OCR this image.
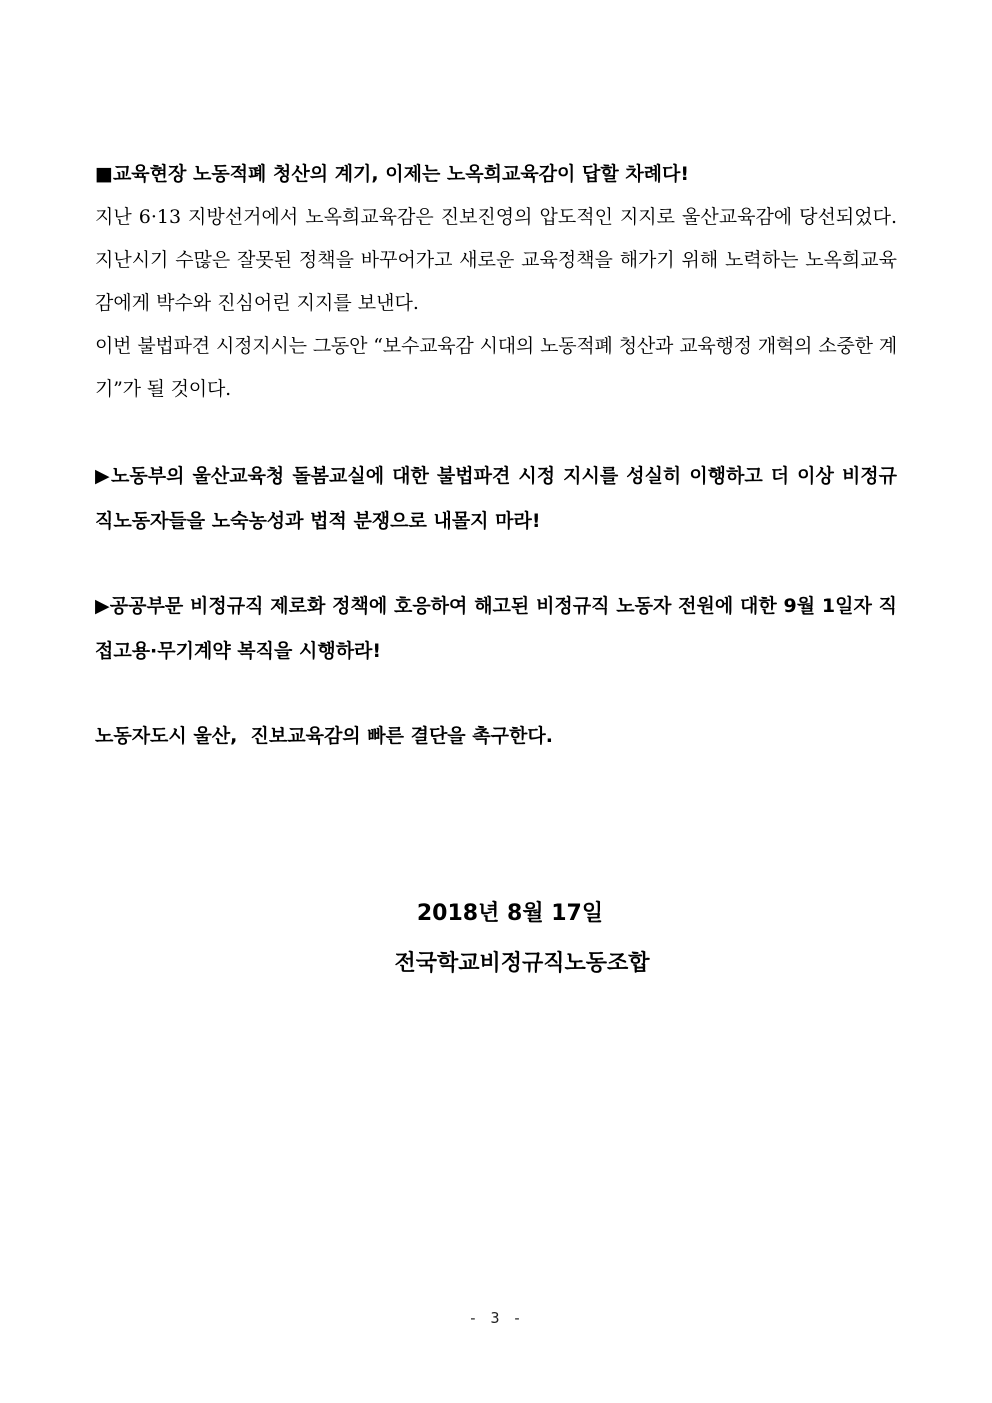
■교육현장 노동적폐 청산의 계기, 이제는 노옥희교육감이 답할 차례다!
지난 6·13 지방선거에서 노옥희교육감은 진보진영의 압도적인 지지로 울산교육감에 당선되었다. 지난시기 수많은 잘못된 정책을 바꾸어가고 새로운 교육정책을 해가기 위해 노력하는 노옥희교육감에게 박수와 진심어린 지지를 보낸다.
이번 불법파견 시정지시는 그동안 “보수교육감 시대의 노동적폐 청산과 교육행정 개혁의 소중한 계기”가 될 것이다.
▶노동부의 울산교육청 돌봄교실에 대한 불법파견 시정 지시를 성실히 이행하고 더 이상 비정규직노동자들을 노숙농성과 법적 분쟁으로 내몰지 마라!
▶공공부문 비정규직 제로화 정책에 호응하여 해고된 비정규직 노동자 전원에 대한 9월 1일자 직접고용·무기계약 복직을 시행하라!
노동자도시 울산,  진보교육감의 빠른 결단을 촉구한다.
2018년 8월 17일
전국학교비정규직노동조합
- 3 -
